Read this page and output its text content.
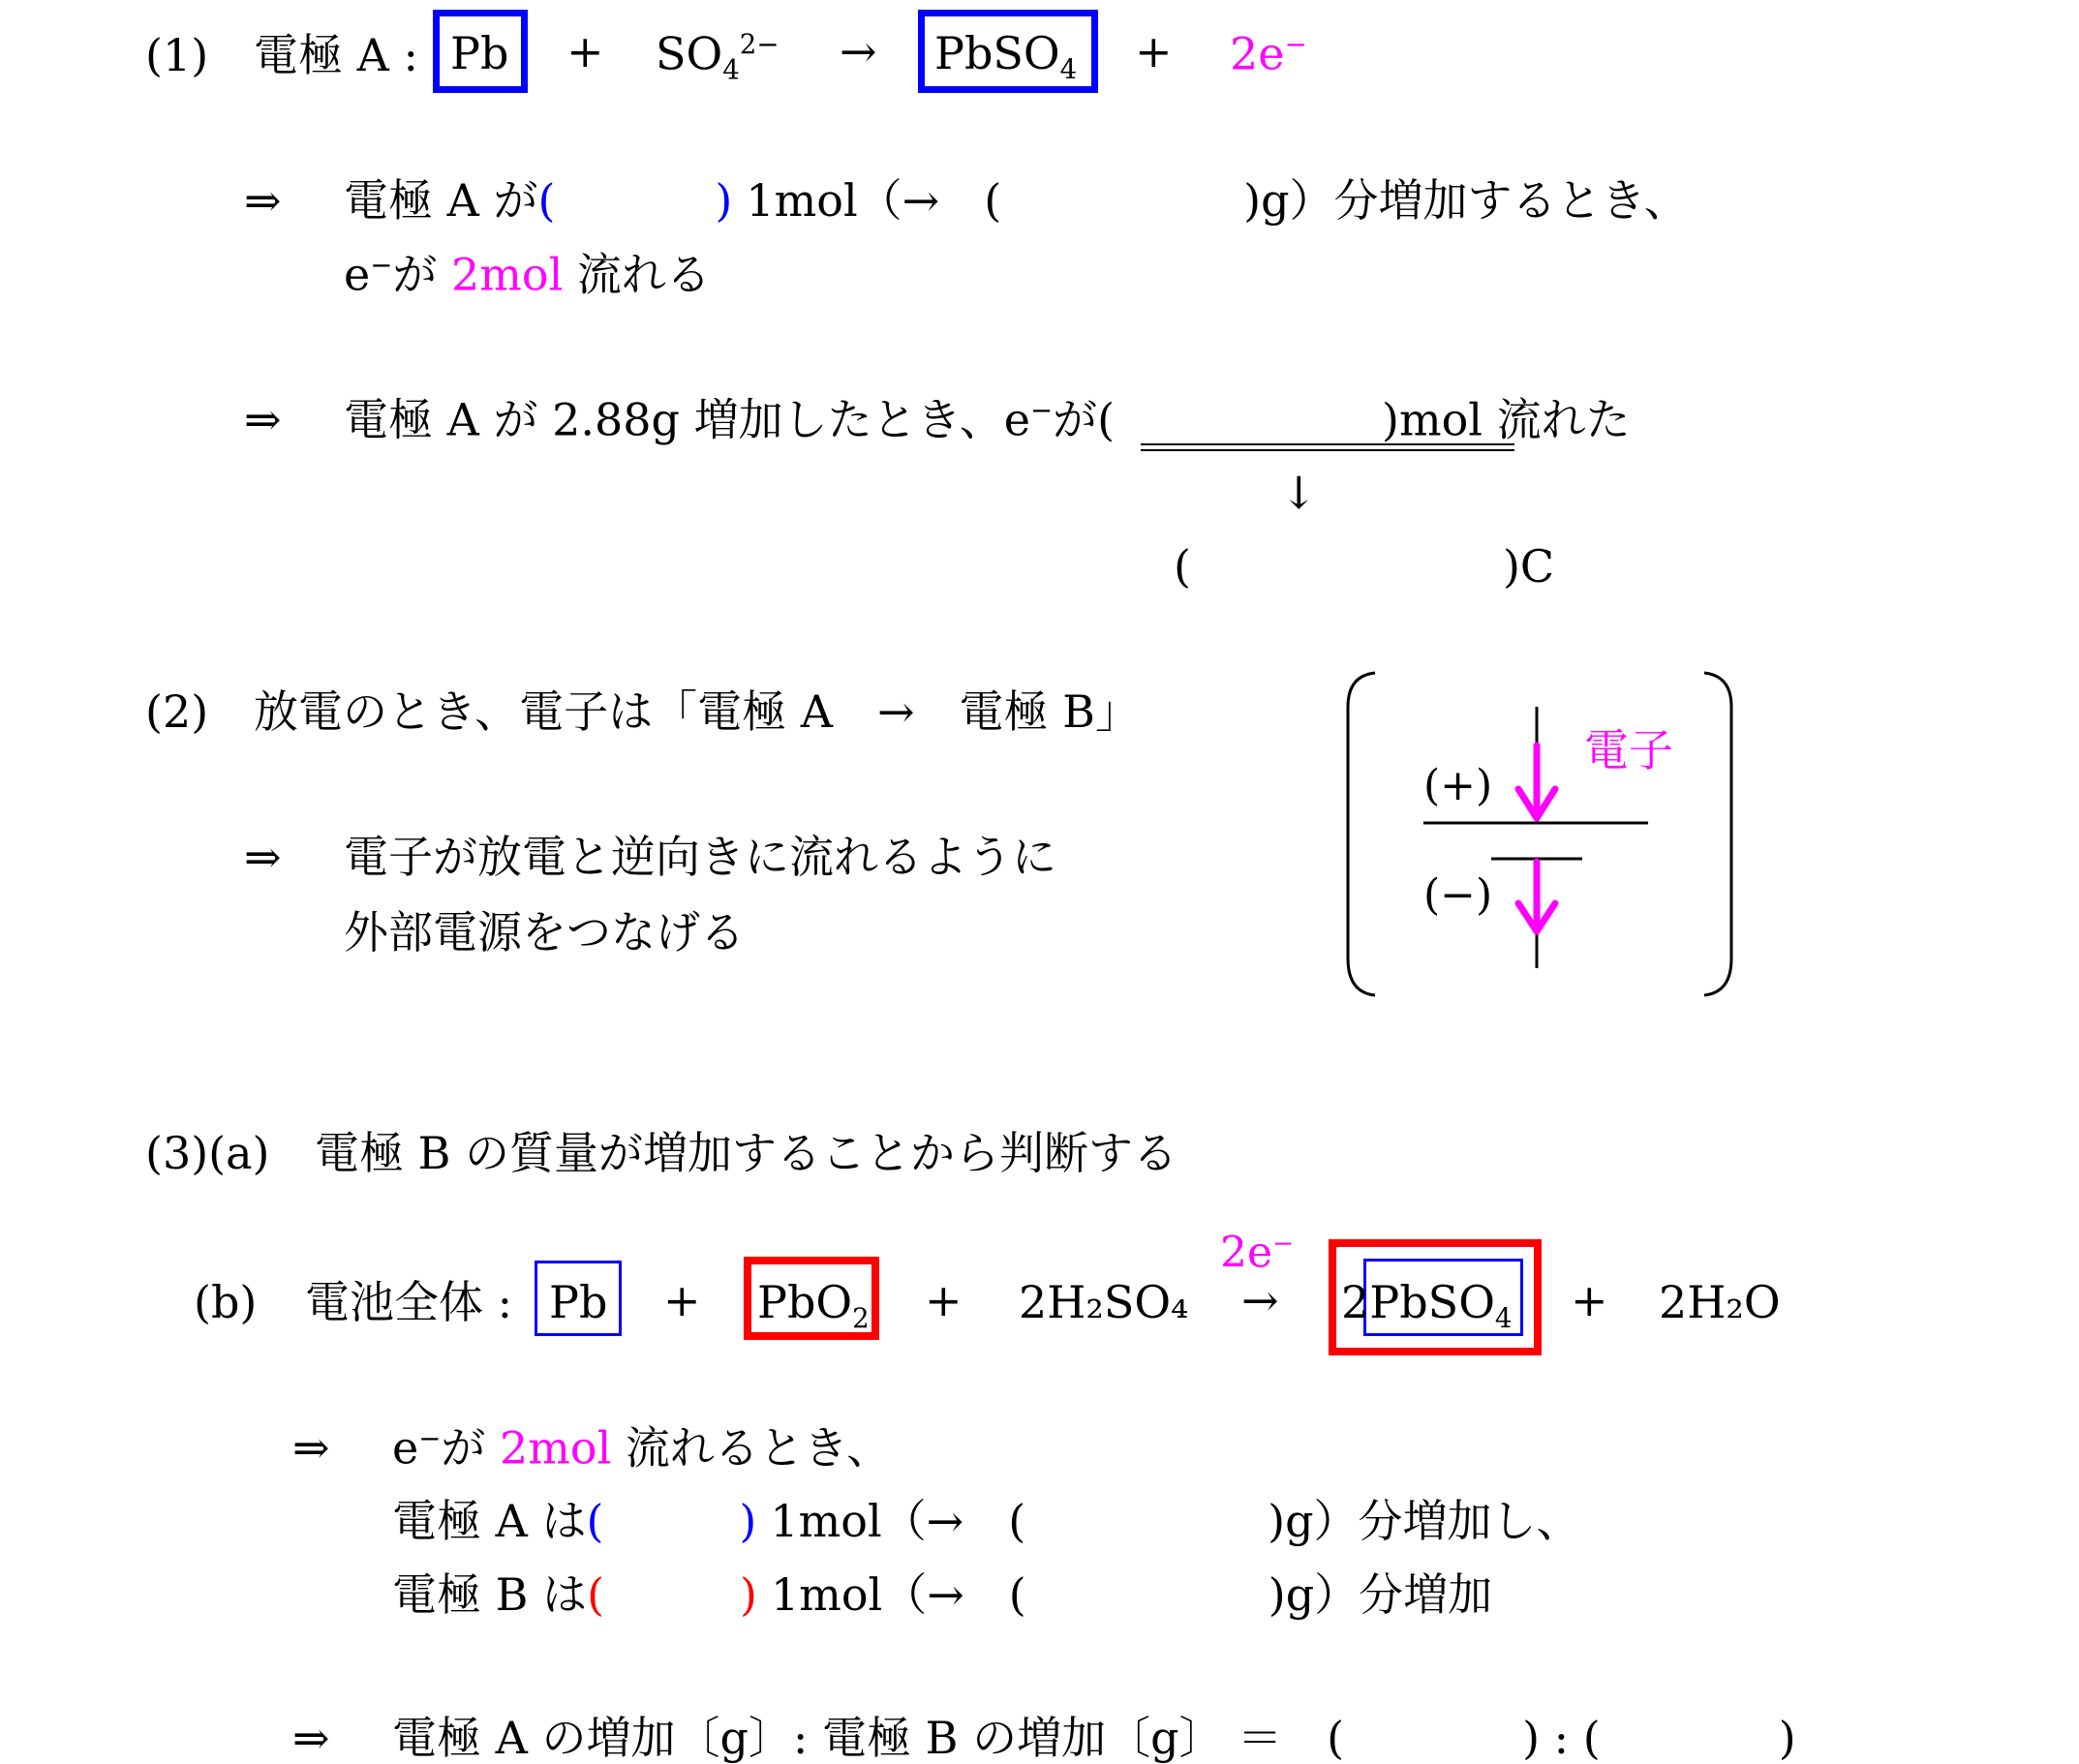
(1) 電極 A : $Pb + SO_4^{2-}$ → PbSO$_4$ + 2e−
⇒ 電極 A が(	) 1mol（→　(	)g）分増加するとき、
e−が 2mol 流れる
⇒ 電極 A が 2.88g 増加したとき、e−が(　　　　　　)mol 流れた
↓
(　　　　　　　)C
(2) 放電のとき、電子は「電極 A　→　電極 B」
⇒ 電子が放電と逆向きに流れるように
外部電源をつなげる
(+)
(−)
電子
(3)(a) 電極 B の質量が増加することから判断する
(b) 電池全体 : Pb + PbO$_2$ + 2H₂SO₄
2e−
→ 2PbSO$_4$ + 2H₂O
⇒ e−が 2mol 流れるとき、
電極 A は(	) 1mol（→　(	)g）分増加し、
電極 B は(	) 1mol（→　(	)g）分増加
⇒ 電極 A の増加〔g〕: 電極 B の増加〔g〕 ＝　(　　　　) : (　　　　)
